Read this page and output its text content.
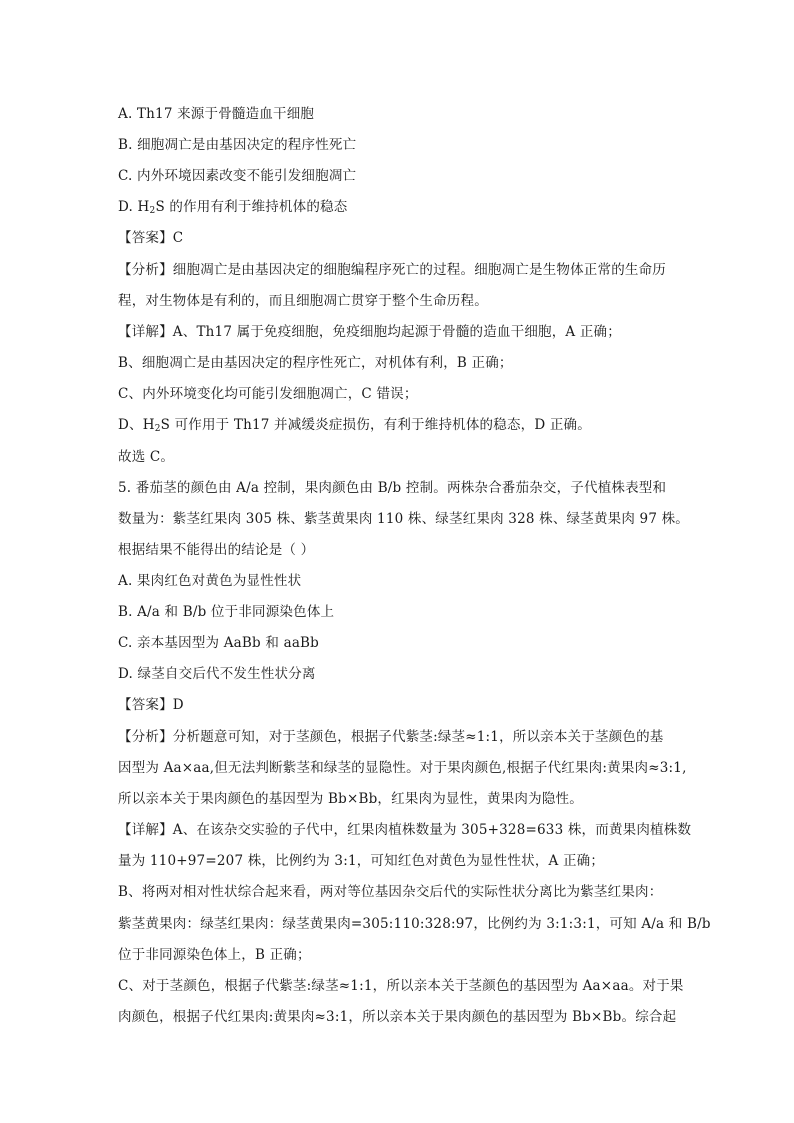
A. Th17 来源于骨髓造血干细胞
B. 细胞凋亡是由基因决定的程序性死亡
C. 内外环境因素改变不能引发细胞凋亡
D. $H_2S$ 的作用有利于维持机体的稳态
【答案】C
【分析】细胞凋亡是由基因决定的细胞编程序死亡的过程。细胞凋亡是生物体正常的生命历
程，对生物体是有利的，而且细胞凋亡贯穿于整个生命历程。
【详解】A、Th17 属于免疫细胞，免疫细胞均起源于骨髓的造血干细胞，A 正确；
B、细胞凋亡是由基因决定的程序性死亡，对机体有利，B 正确；
C、内外环境变化均可能引发细胞凋亡，C 错误；
D、$H_2S$ 可作用于 Th17 并减缓炎症损伤，有利于维持机体的稳态，D 正确。
故选 C。
5. 番茄茎的颜色由 A/a 控制，果肉颜色由 B/b 控制。两株杂合番茄杂交，子代植株表型和
数量为：紫茎红果肉 305 株、紫茎黄果肉 110 株、绿茎红果肉 328 株、绿茎黄果肉 97 株。
根据结果不能得出的结论是（ ）
A. 果肉红色对黄色为显性性状
B. A/a 和 B/b 位于非同源染色体上
C. 亲本基因型为 AaBb 和 aaBb
D. 绿茎自交后代不发生性状分离
【答案】D
【分析】分析题意可知，对于茎颜色，根据子代紫茎:绿茎≈1:1，所以亲本关于茎颜色的基
因型为 Aa×aa,但无法判断紫茎和绿茎的显隐性。对于果肉颜色,根据子代红果肉:黄果肉≈3:1,
所以亲本关于果肉颜色的基因型为 Bb×Bb，红果肉为显性，黄果肉为隐性。
【详解】A、在该杂交实验的子代中，红果肉植株数量为 305+328=633 株，而黄果肉植株数
量为 110+97=207 株，比例约为 3:1，可知红色对黄色为显性性状，A 正确；
B、将两对相对性状综合起来看，两对等位基因杂交后代的实际性状分离比为紫茎红果肉：
紫茎黄果肉：绿茎红果肉：绿茎黄果肉=305:110:328:97，比例约为 3:1:3:1，可知 A/a 和 B/b
位于非同源染色体上，B 正确；
C、对于茎颜色，根据子代紫茎:绿茎≈1:1，所以亲本关于茎颜色的基因型为 Aa×aa。对于果
肉颜色，根据子代红果肉:黄果肉≈3:1，所以亲本关于果肉颜色的基因型为 Bb×Bb。综合起
